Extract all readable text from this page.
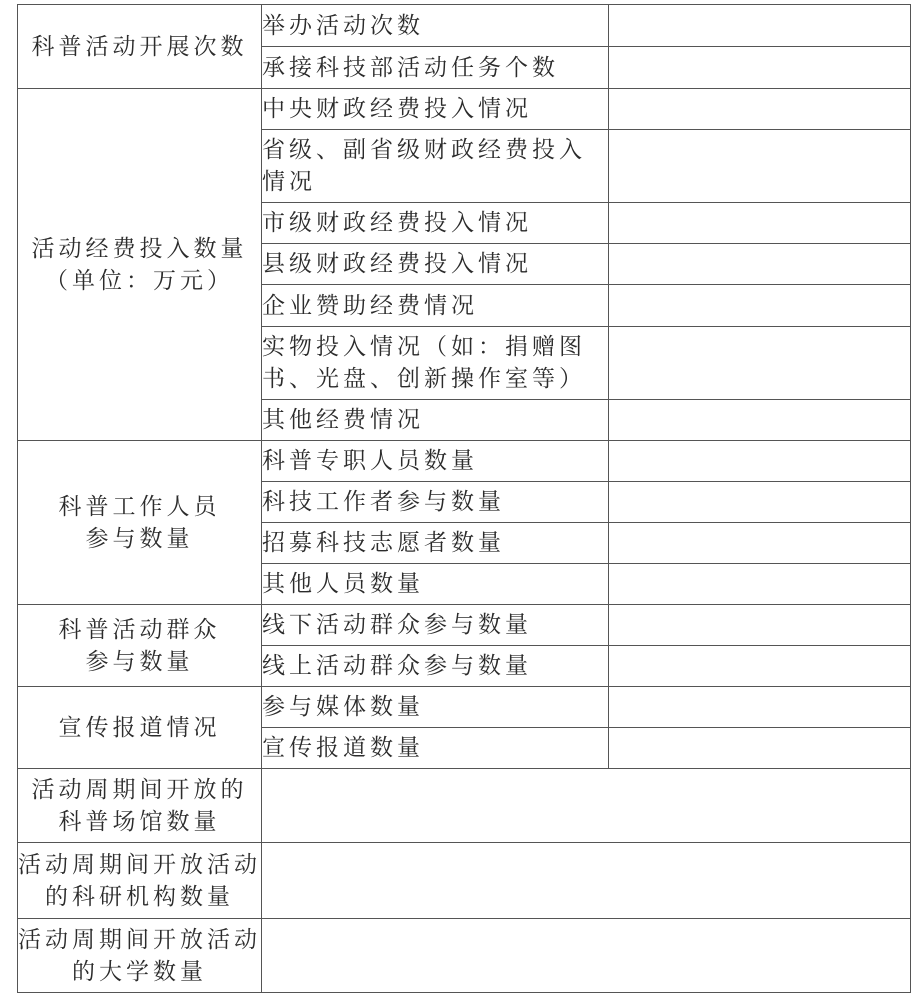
科普活动开展次数	举办活动次数	
	承接科技部活动任务个数	

活动经费投入数量
（单位：万元）	中央财政经费投入情况	
	省级、副省级财政经费投入情况	
	市级财政经费投入情况	
	县级财政经费投入情况	
	企业赞助经费情况	
	实物投入情况（如：捐赠图书、光盘、创新操作室等）	
	其他经费情况	

科普工作人员
参与数量	科普专职人员数量	
	科技工作者参与数量	
	招募科技志愿者数量	
	其他人员数量	

科普活动群众
参与数量	线下活动群众参与数量	
	线上活动群众参与数量	
宣传报道情况	参与媒体数量	
	宣传报道数量	

活动周期间开放的
科普场馆数量		

活动周期间开放活动
的科研机构数量		

活动周期间开放活动
的大学数量		
